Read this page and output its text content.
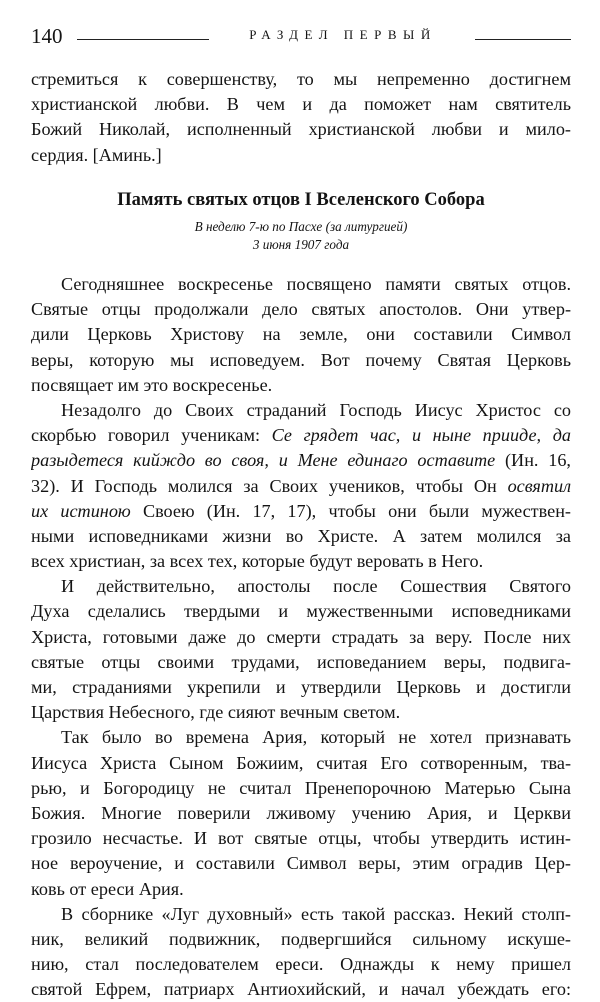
140	РАЗДЕЛ ПЕРВЫЙ
стремиться к совершенству, то мы непременно достигнем
христианской любви. В чем и да поможет нам святитель
Божий Николай, исполненный христианской любви и мило-
сердия. [Аминь.]
Память святых отцов I Вселенского Собора
В неделю 7-ю по Пасхе (за литургией)
3 июня 1907 года
Сегодняшнее воскресенье посвящено памяти святых отцов.
Святые отцы продолжали дело святых апостолов. Они утвер-
дили Церковь Христову на земле, они составили Символ
веры, которую мы исповедуем. Вот почему Святая Церковь
посвящает им это воскресенье.
Незадолго до Своих страданий Господь Иисус Христос со
скорбью говорил ученикам: Се грядет час, и ныне прииде, да
разыдетеся кийждо во своя, и Мене единаго оставите (Ин. 16,
32). И Господь молился за Своих учеников, чтобы Он освятил
их истиною Своею (Ин. 17, 17), чтобы они были мужествен-
ными исповедниками жизни во Христе. А затем молился за
всех христиан, за всех тех, которые будут веровать в Него.
И действительно, апостолы после Сошествия Святого
Духа сделались твердыми и мужественными исповедниками
Христа, готовыми даже до смерти страдать за веру. После них
святые отцы своими трудами, исповеданием веры, подвига-
ми, страданиями укрепили и утвердили Церковь и достигли
Царствия Небесного, где сияют вечным светом.
Так было во времена Ария, который не хотел признавать
Иисуса Христа Сыном Божиим, считая Его сотворенным, тва-
рью, и Богородицу не считал Пренепорочною Матерью Сына
Божия. Многие поверили лживому учению Ария, и Церкви
грозило несчастье. И вот святые отцы, чтобы утвердить истин-
ное вероучение, и составили Символ веры, этим оградив Цер-
ковь от ереси Ария.
В сборнике «Луг духовный» есть такой рассказ. Некий столп-
ник, великий подвижник, подвергшийся сильному искуше-
нию, стал последователем ереси. Однажды к нему пришел
святой Ефрем, патриарх Антиохийский, и начал убеждать его:
